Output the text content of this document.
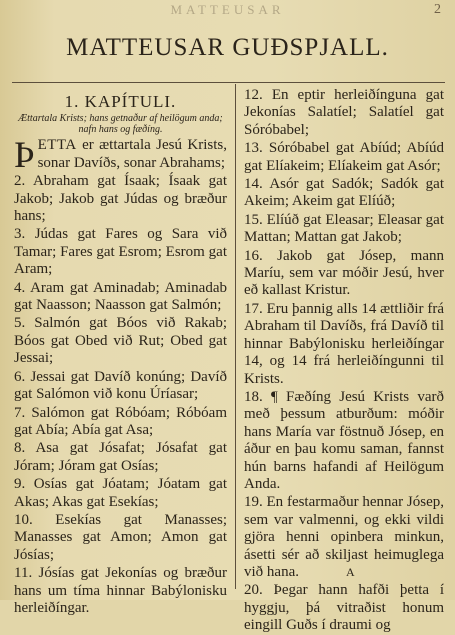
MATTEUSAR	2
MATTEUSAR GUÐSPJALL.
1. KAPÍTULI.
Ættartala Krists; hans getnaður af heilögum anda; nafn hans og fæðíng.

ÞETTA er ættartala Jesú Krists, sonar Davíðs, sonar Abrahams;

2. Abraham gat Ísaak; Ísaak gat Jakob; Jakob gat Júdas og bræður hans;

3. Júdas gat Fares og Sara við Tamar; Fares gat Esrom; Esrom gat Aram;

4. Aram gat Aminadab; Aminadab gat Naasson; Naasson gat Salmón;

5. Salmón gat Bóos við Rakab; Bóos gat Obed við Rut; Obed gat Jessai;

6. Jessai gat Davíð konúng; Davíð gat Salómon við konu Úríasar;

7. Salómon gat Róbóam; Róbóam gat Abía; Abía gat Asa;

8. Asa gat Jósafat; Jósafat gat Jóram; Jóram gat Osías;

9. Osías gat Jóatam; Jóatam gat Akas; Akas gat Esekías;

10. Esekías gat Manasses; Manasses gat Amon; Amon gat Jósías;

11. Jósías gat Jekonías og bræður hans um tíma hinnar Babýlonisku herleiðíngar.

12. En eptir herleiðínguna gat Jekonías Salatíel; Salatíel gat Sóróbabel;

13. Sóróbabel gat Abíúd; Abíúd gat Elíakeim; Elíakeim gat Asór;

14. Asór gat Sadók; Sadók gat Akeim; Akeim gat Elíúð;

15. Elíúð gat Eleasar; Eleasar gat Mattan; Mattan gat Jakob;

16. Jakob gat Jósep, mann Maríu, sem var móðir Jesú, hver eð kallast Kristur.

17. Eru þannig alls 14 ættliðir frá Abraham til Davíðs, frá Davíð til hinnar Babýlonisku herleiðíngar 14, og 14 frá herleiðíngunni til Krists.

18. ¶ Fæðíng Jesú Krists varð með þessum atburðum: móðir hans María var föstnuð Jósep, en áður en þau komu saman, fannst hún barns hafandi af Heilögum Anda.

19. En festarmaður hennar Jósep, sem var valmenni, og ekki vildi gjöra henni opinbera minkun, ásetti sér að skiljast heimuglega við hana.

20. Þegar hann hafði þetta í hyggju, þá vitraðist honum eingill Guðs í draumi og

A
